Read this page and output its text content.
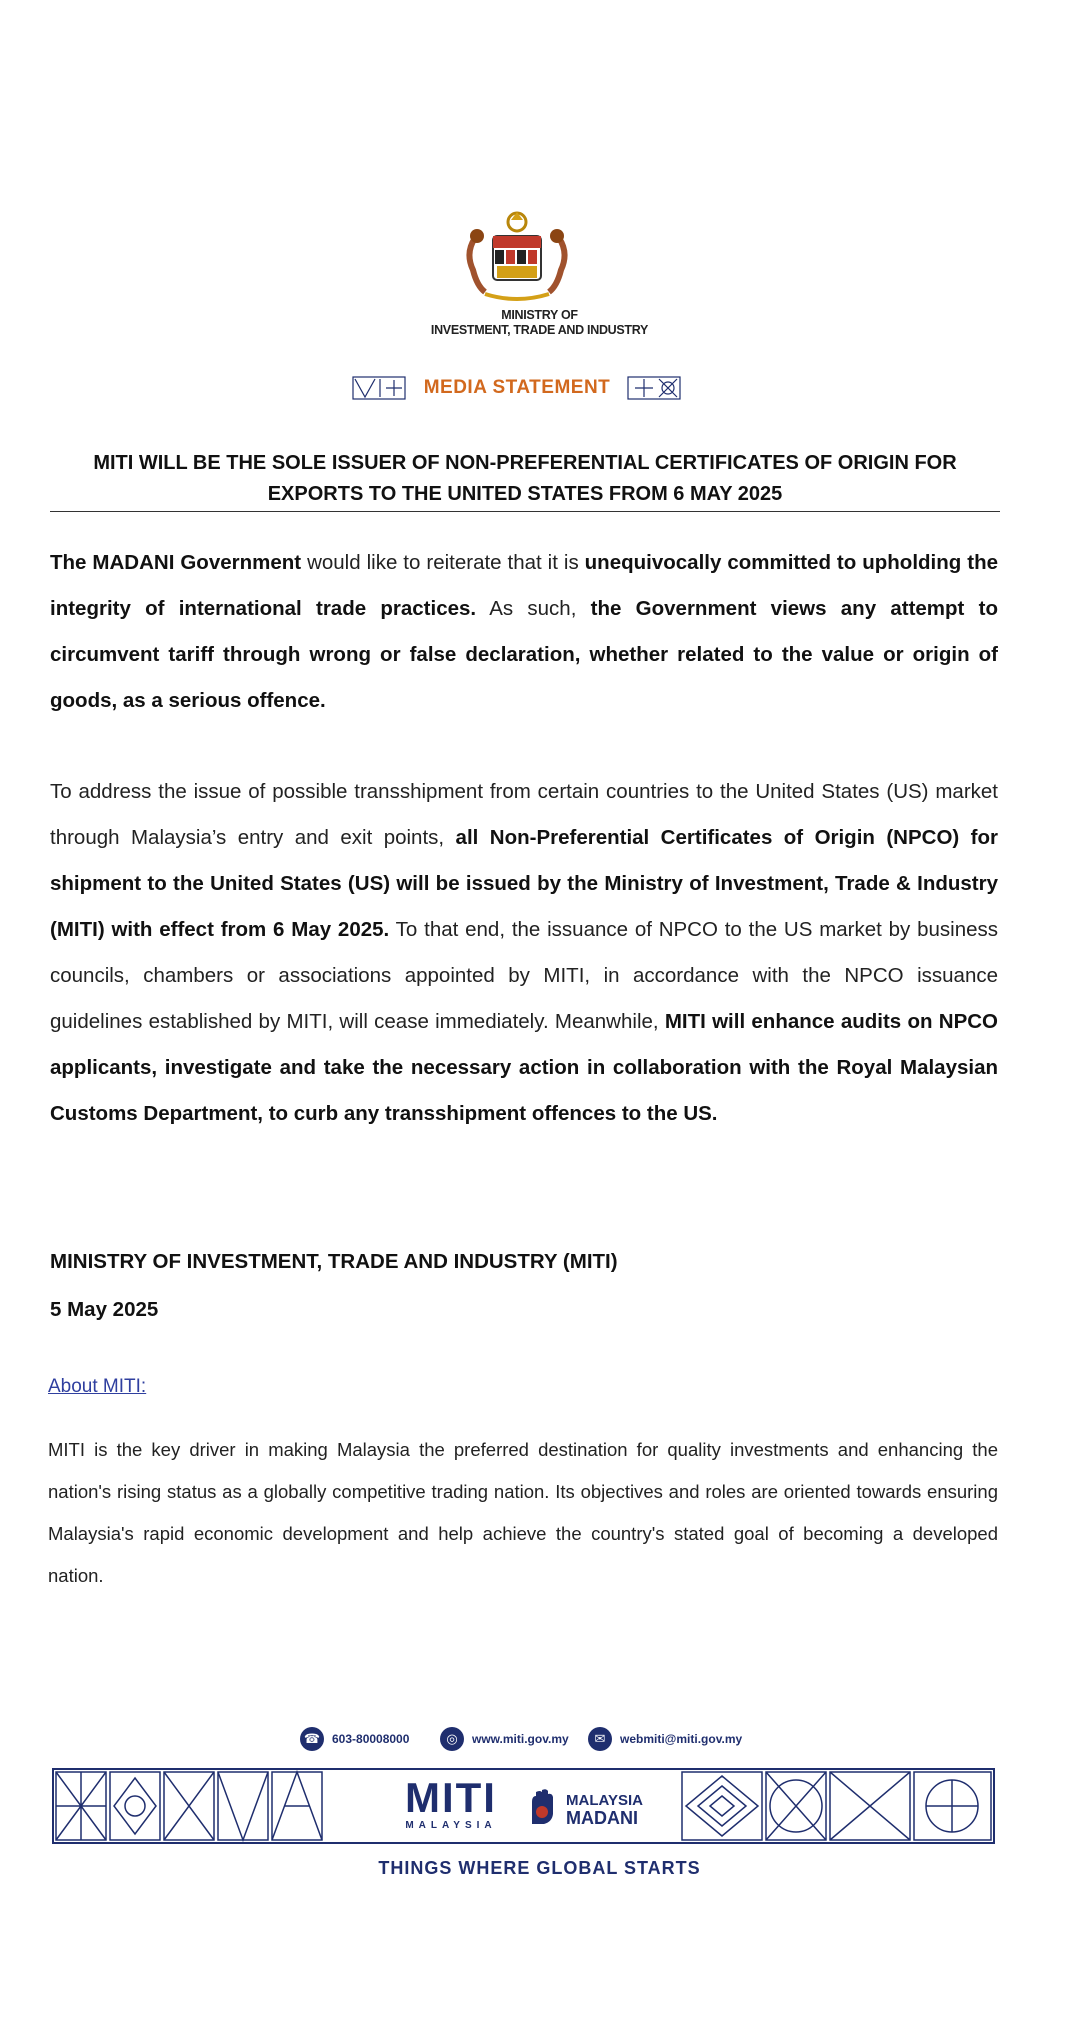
MINISTRY OF
INVESTMENT, TRADE AND INDUSTRY
MEDIA STATEMENT
MITI WILL BE THE SOLE ISSUER OF NON-PREFERENTIAL CERTIFICATES OF ORIGIN FOR
EXPORTS TO THE UNITED STATES FROM 6 MAY 2025
The MADANI Government would like to reiterate that it is unequivocally committed to upholding the integrity of international trade practices. As such, the Government views any attempt to circumvent tariff through wrong or false declaration, whether related to the value or origin of goods, as a serious offence.
To address the issue of possible transshipment from certain countries to the United States (US) market through Malaysia’s entry and exit points, all Non-Preferential Certificates of Origin (NPCO) for shipment to the United States (US) will be issued by the Ministry of Investment, Trade & Industry (MITI) with effect from 6 May 2025. To that end, the issuance of NPCO to the US market by business councils, chambers or associations appointed by MITI, in accordance with the NPCO issuance guidelines established by MITI, will cease immediately. Meanwhile, MITI will enhance audits on NPCO applicants, investigate and take the necessary action in collaboration with the Royal Malaysian Customs Department, to curb any transshipment offences to the US.
MINISTRY OF INVESTMENT, TRADE AND INDUSTRY (MITI)
5 May 2025
About MITI:
MITI is the key driver in making Malaysia the preferred destination for quality investments and enhancing the nation's rising status as a globally competitive trading nation. Its objectives and roles are oriented towards ensuring Malaysia's rapid economic development and help achieve the country's stated goal of becoming a developed nation.
☎ 603-80008000	◎	www.miti.gov.my	✉	webmiti@miti.gov.my
MITI
MALAYSIA
MALAYSIA
MADANI
THINGS WHERE GLOBAL STARTS
